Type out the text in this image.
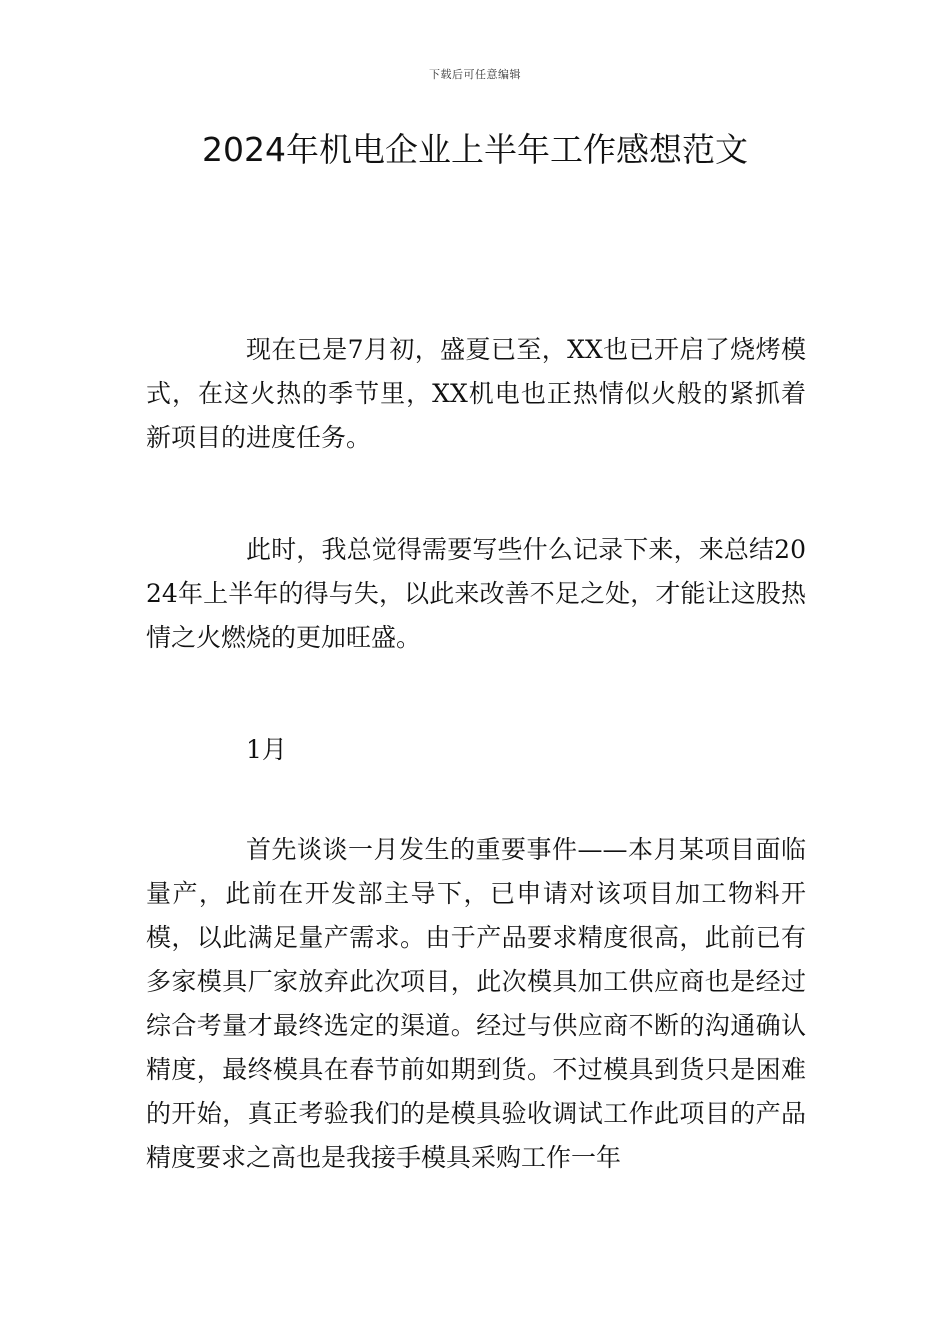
下载后可任意编辑
2024年机电企业上半年工作感想范文

现在已是7月初，盛夏已至，XX也已开启了烧烤模式，在这火热的季节里，XX机电也正热情似火般的紧抓着新项目的进度任务。

此时，我总觉得需要写些什么记录下来，来总结2024年上半年的得与失，以此来改善不足之处，才能让这股热情之火燃烧的更加旺盛。

1月

首先谈谈一月发生的重要事件——本月某项目面临量产，此前在开发部主导下，已申请对该项目加工物料开模，以此满足量产需求。由于产品要求精度很高，此前已有多家模具厂家放弃此次项目，此次模具加工供应商也是经过综合考量才最终选定的渠道。经过与供应商不断的沟通确认精度，最终模具在春节前如期到货。不过模具到货只是困难的开始，真正考验我们的是模具验收调试工作此项目的产品精度要求之高也是我接手模具采购工作一年
